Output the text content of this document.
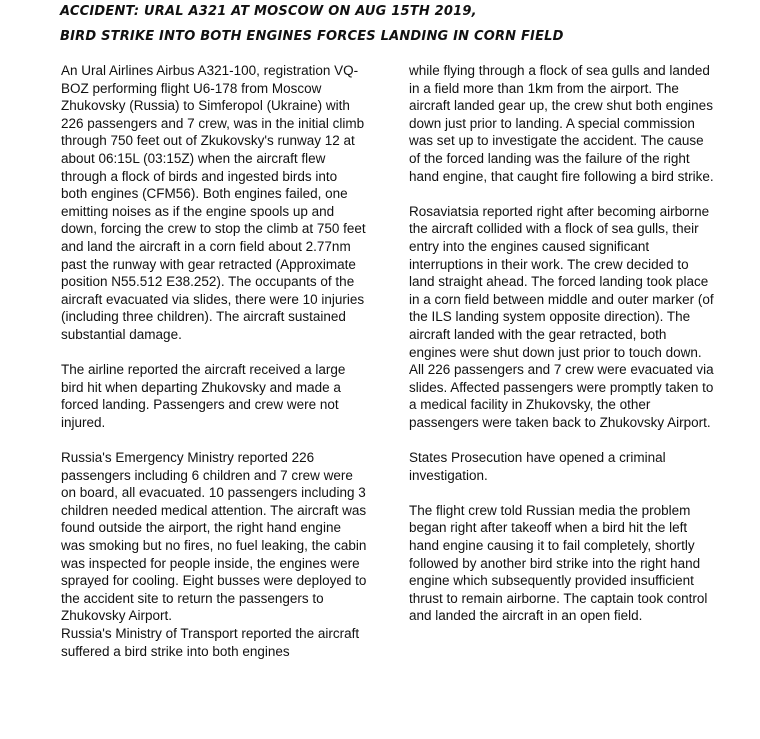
ACCIDENT: URAL A321 AT MOSCOW ON AUG 15TH 2019,
BIRD STRIKE INTO BOTH ENGINES FORCES LANDING IN CORN FIELD

An Ural Airlines Airbus A321-100, registration VQ-BOZ performing flight U6-178 from Moscow Zhukovsky (Russia) to Simferopol (Ukraine) with 226 passengers and 7 crew, was in the initial climb through 750 feet out of Zkukovsky's runway 12 at about 06:15L (03:15Z) when the aircraft flew through a flock of birds and ingested birds into both engines (CFM56). Both engines failed, one emitting noises as if the engine spools up and down, forcing the crew to stop the climb at 750 feet and land the aircraft in a corn field about 2.77nm past the runway with gear retracted (Approximate position N55.512 E38.252). The occupants of the aircraft evacuated via slides, there were 10 injuries (including three children). The aircraft sustained substantial damage.

The airline reported the aircraft received a large bird hit when departing Zhukovsky and made a forced landing. Passengers and crew were not injured.

Russia's Emergency Ministry reported 226 passengers including 6 children and 7 crew were on board, all evacuated. 10 passengers including 3 children needed medical attention. The aircraft was found outside the airport, the right hand engine was smoking but no fires, no fuel leaking, the cabin was inspected for people inside, the engines were sprayed for cooling. Eight busses were deployed to the accident site to return the passengers to Zhukovsky Airport.

Russia's Ministry of Transport reported the aircraft suffered a bird strike into both engines

while flying through a flock of sea gulls and landed in a field more than 1km from the airport. The aircraft landed gear up, the crew shut both engines down just prior to landing. A special commission was set up to investigate the accident. The cause of the forced landing was the failure of the right hand engine, that caught fire following a bird strike.

Rosaviatsia reported right after becoming airborne the aircraft collided with a flock of sea gulls, their entry into the engines caused significant interruptions in their work. The crew decided to land straight ahead. The forced landing took place in a corn field between middle and outer marker (of the ILS landing system opposite direction). The aircraft landed with the gear retracted, both engines were shut down just prior to touch down. All 226 passengers and 7 crew were evacuated via slides. Affected passengers were promptly taken to a medical facility in Zhukovsky, the other passengers were taken back to Zhukovsky Airport.

States Prosecution have opened a criminal investigation.

The flight crew told Russian media the problem began right after takeoff when a bird hit the left hand engine causing it to fail completely, shortly followed by another bird strike into the right hand engine which subsequently provided insufficient thrust to remain airborne. The captain took control and landed the aircraft in an open field.
